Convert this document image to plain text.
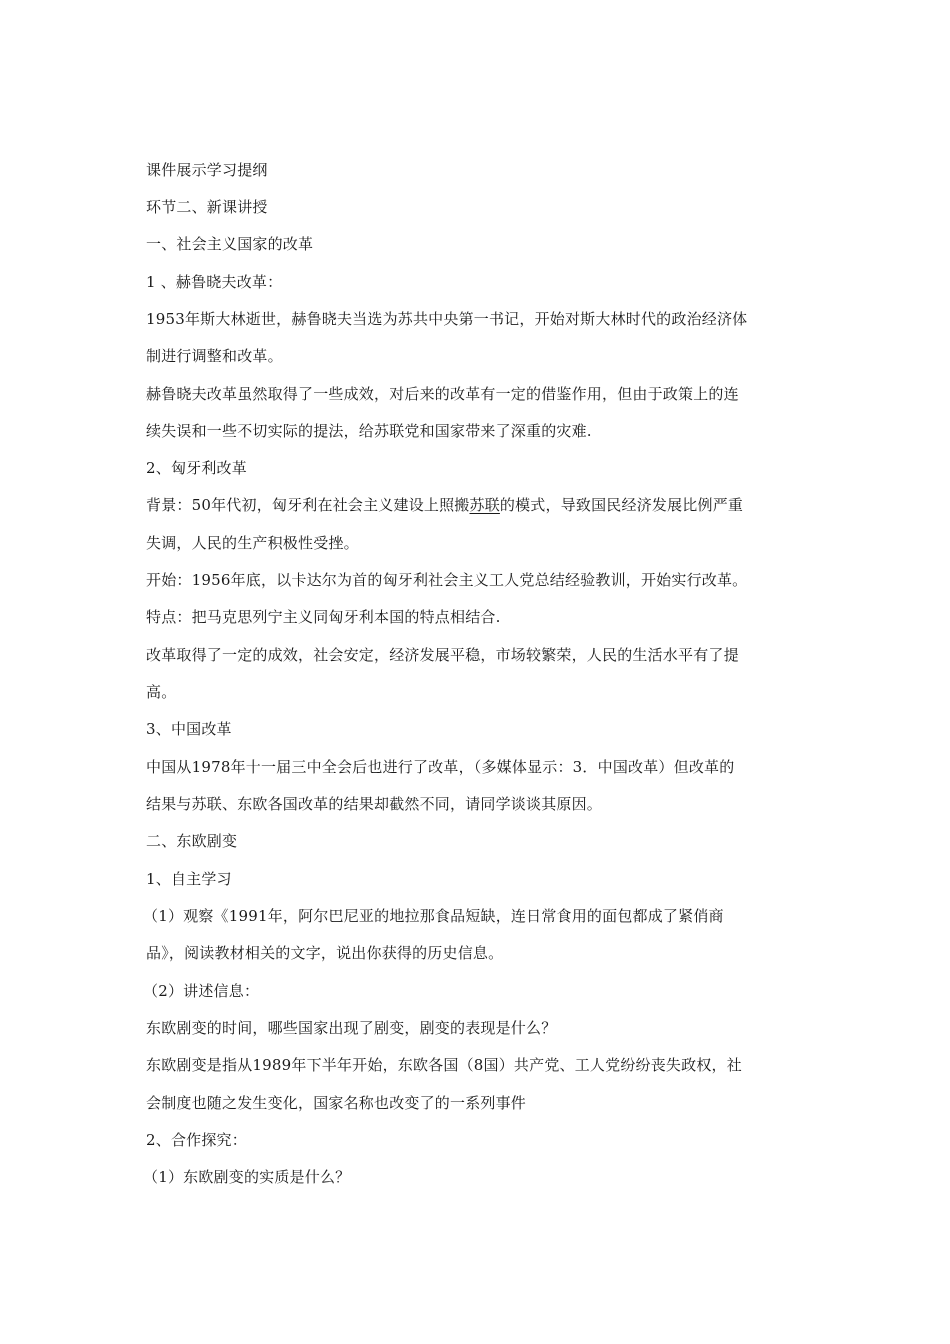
课件展示学习提纲
环节二、新课讲授
一、社会主义国家的改革
1 、赫鲁晓夫改革：
1953年斯大林逝世，赫鲁晓夫当选为苏共中央第一书记，开始对斯大林时代的政治经济体
制进行调整和改革。
赫鲁晓夫改革虽然取得了一些成效，对后来的改革有一定的借鉴作用，但由于政策上的连
续失误和一些不切实际的提法，给苏联党和国家带来了深重的灾难.
2、匈牙利改革
背景：50年代初，匈牙利在社会主义建设上照搬苏联的模式，导致国民经济发展比例严重
失调，人民的生产积极性受挫。
开始：1956年底，以卡达尔为首的匈牙利社会主义工人党总结经验教训，开始实行改革。
特点：把马克思列宁主义同匈牙利本国的特点相结合.
改革取得了一定的成效，社会安定，经济发展平稳，市场较繁荣，人民的生活水平有了提
高。
3、中国改革
中国从1978年十一届三中全会后也进行了改革，（多媒体显示：3．中国改革）但改革的
结果与苏联、东欧各国改革的结果却截然不同，请同学谈谈其原因。
二、东欧剧变
1、自主学习
（1）观察《1991年，阿尔巴尼亚的地拉那食品短缺，连日常食用的面包都成了紧俏商
品》，阅读教材相关的文字，说出你获得的历史信息。
（2）讲述信息：
东欧剧变的时间，哪些国家出现了剧变，剧变的表现是什么？
东欧剧变是指从1989年下半年开始，东欧各国（8国）共产党、工人党纷纷丧失政权，社
会制度也随之发生变化，国家名称也改变了的一系列事件
2、合作探究：
（1）东欧剧变的实质是什么？
